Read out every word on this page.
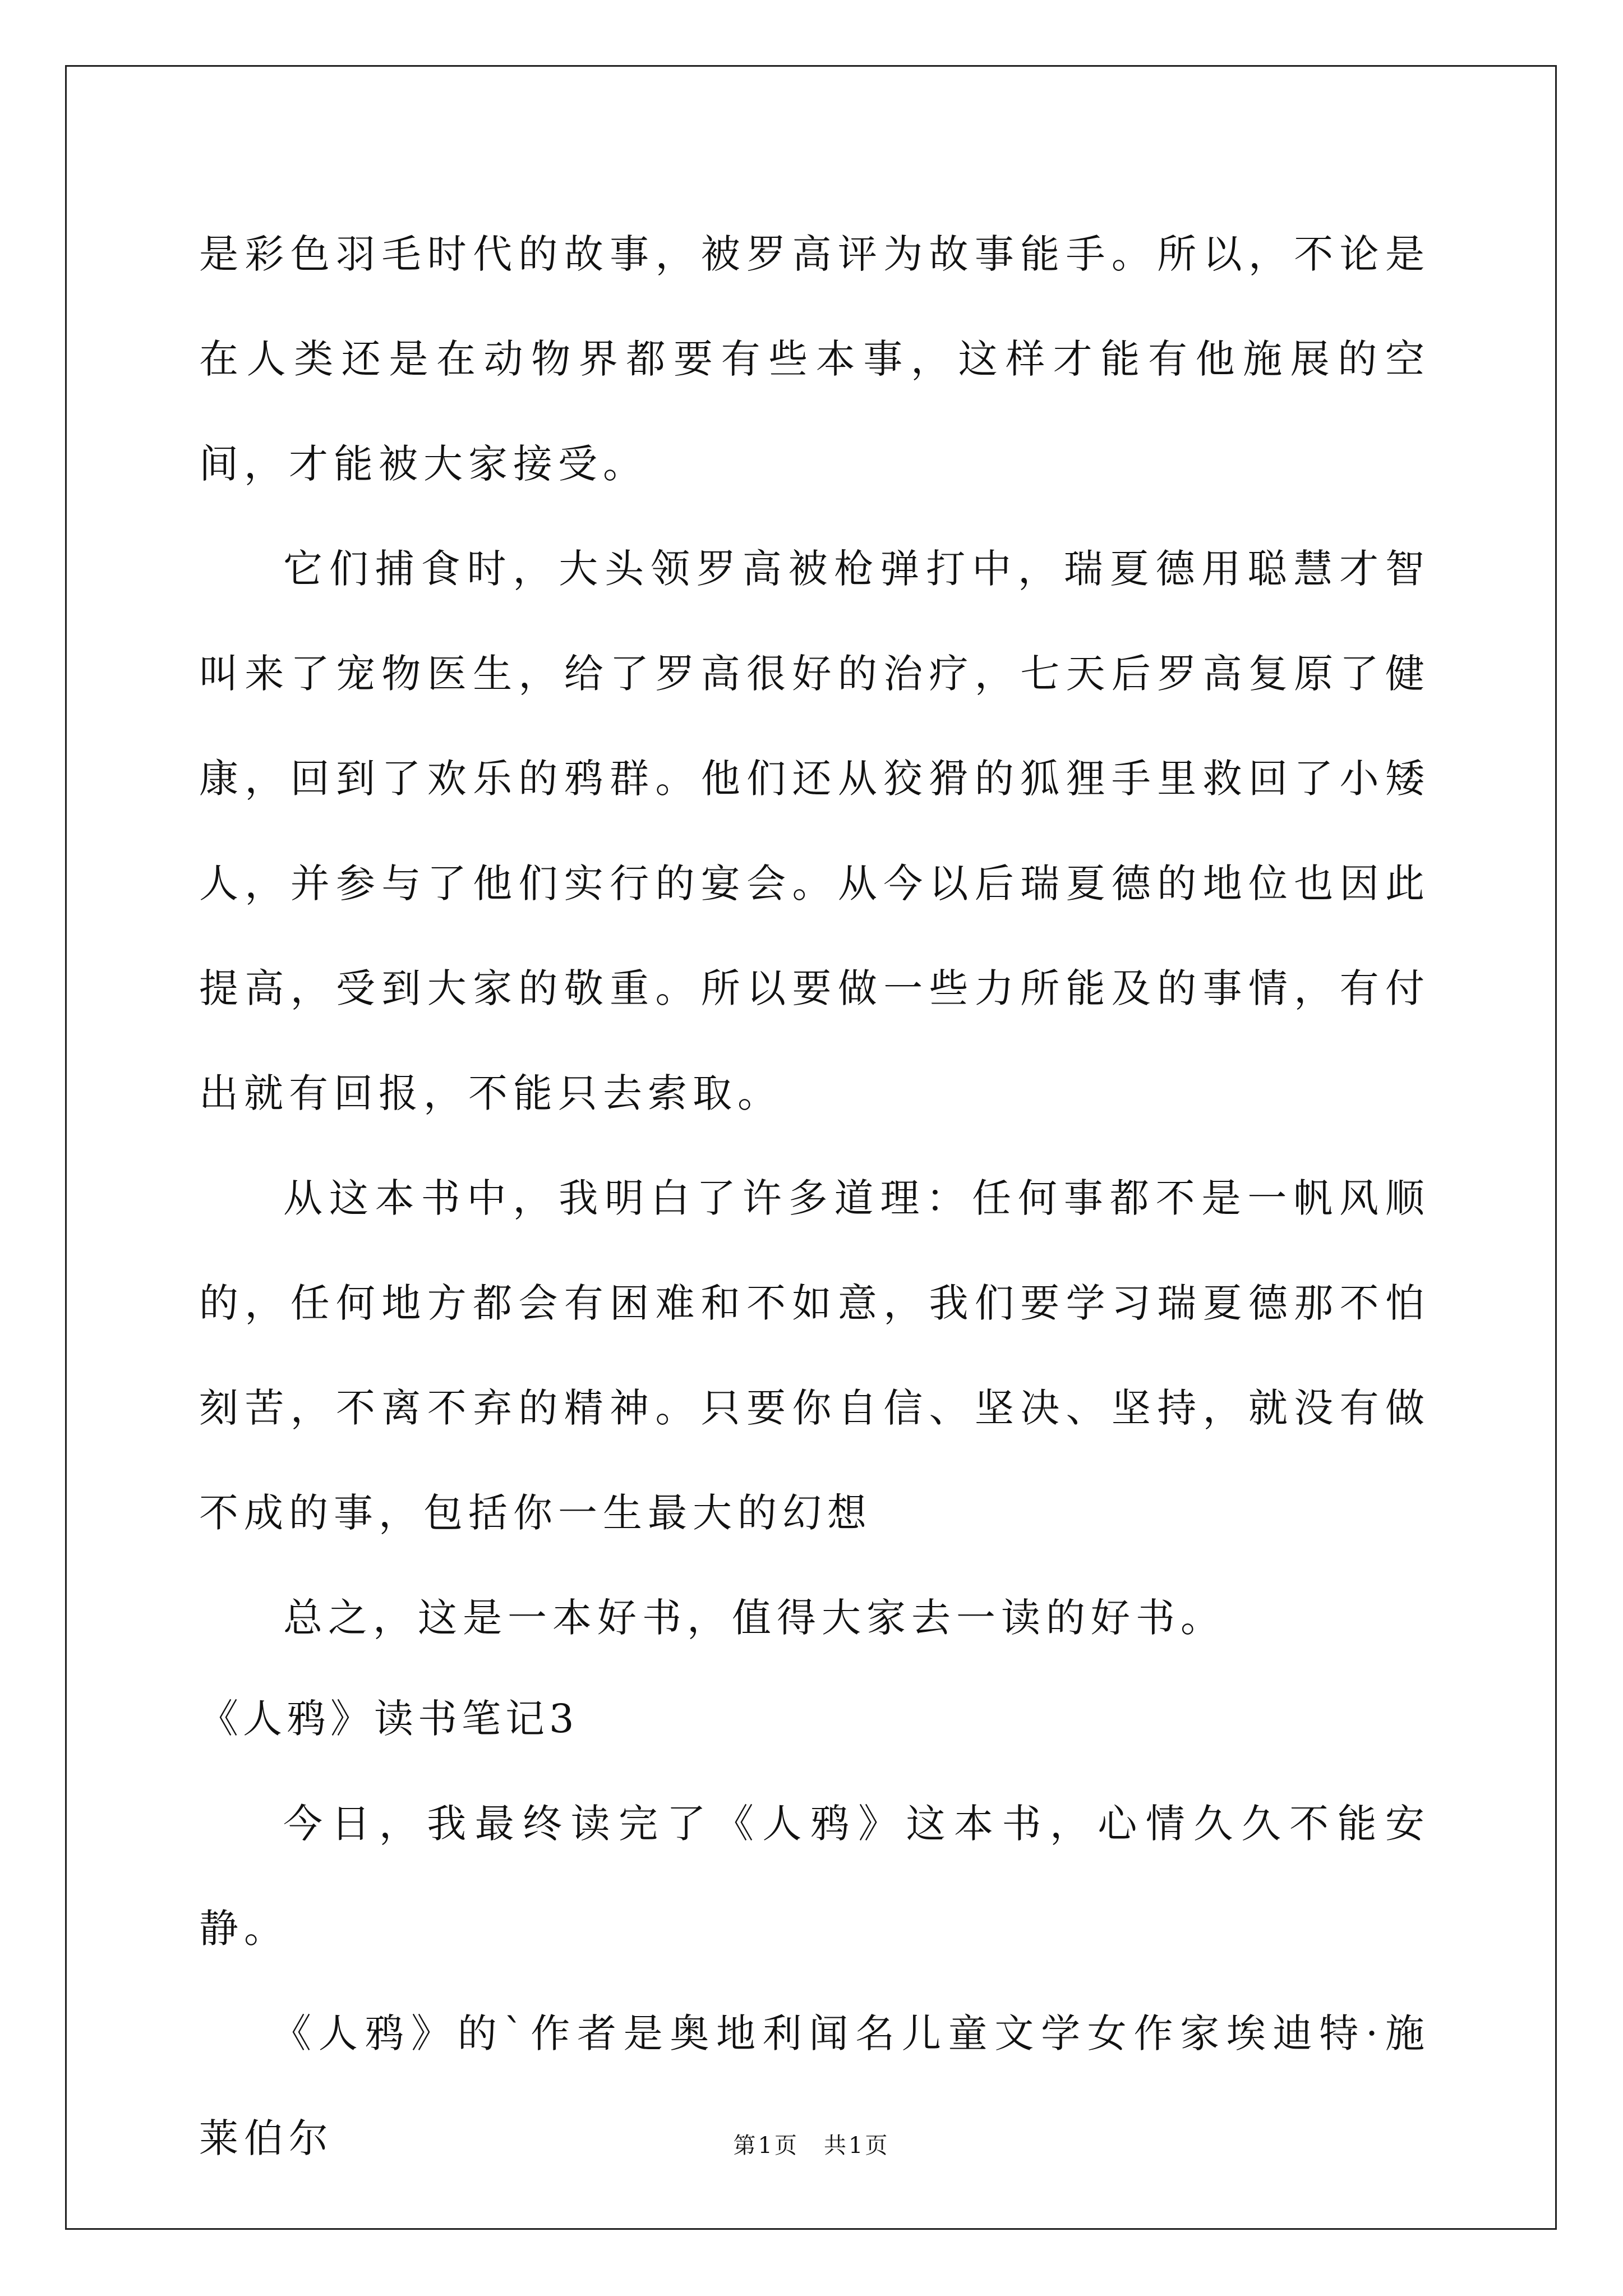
是彩色羽毛时代的故事，被罗高评为故事能手。所以，不论是在人类还是在动物界都要有些本事，这样才能有他施展的空间，才能被大家接受。

它们捕食时，大头领罗高被枪弹打中，瑞夏德用聪慧才智叫来了宠物医生，给了罗高很好的治疗，七天后罗高复原了健康，回到了欢乐的鸦群。他们还从狡猾的狐狸手里救回了小矮人，并参与了他们实行的宴会。从今以后瑞夏德的地位也因此提高，受到大家的敬重。所以要做一些力所能及的事情，有付出就有回报，不能只去索取。

从这本书中，我明白了许多道理：任何事都不是一帆风顺的，任何地方都会有困难和不如意，我们要学习瑞夏德那不怕刻苦，不离不弃的精神。只要你自信、坚决、坚持，就没有做不成的事，包括你一生最大的幻想

总之，这是一本好书，值得大家去一读的好书。

《人鸦》读书笔记3

今日，我最终读完了《人鸦》这本书，心情久久不能安静。

《人鸦》的`作者是奥地利闻名儿童文学女作家埃迪特·施莱伯尔	第1页　共1页
